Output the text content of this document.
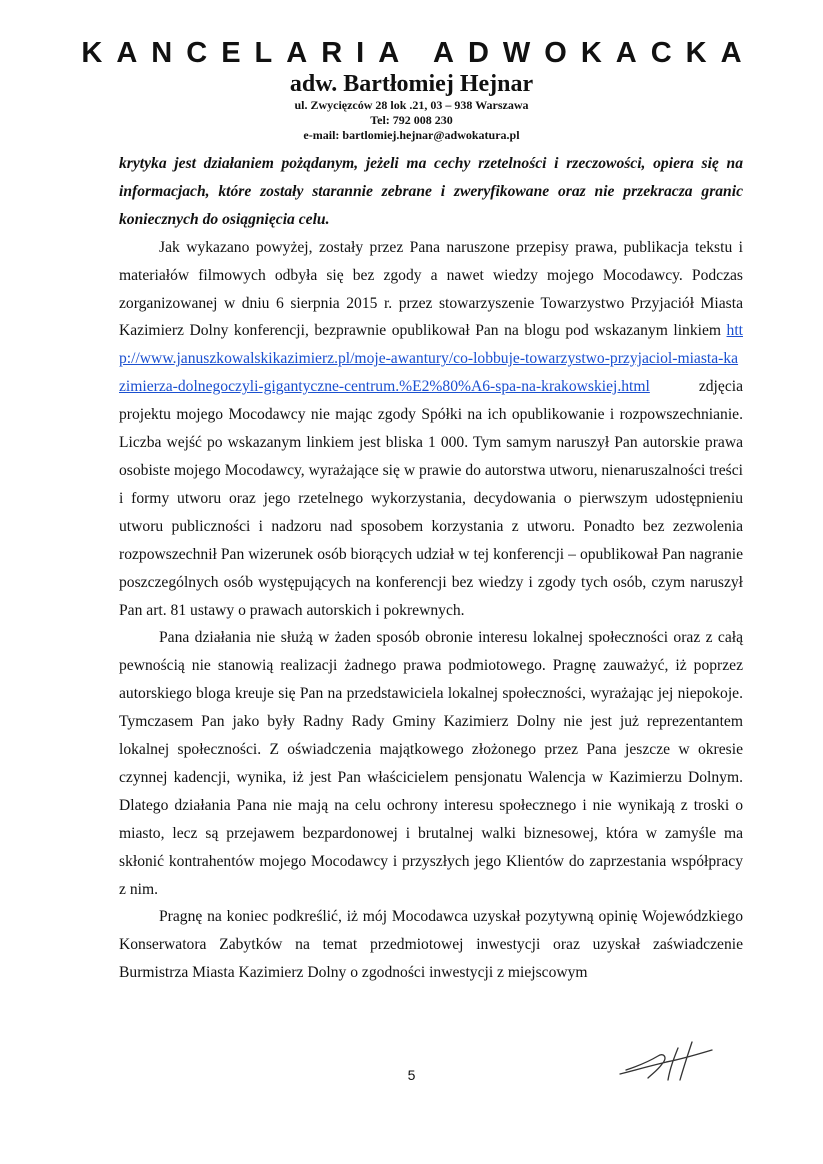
KANCELARIA ADWOKACKA

adw. Bartłomiej Hejnar

ul. Zwycięzców 28 lok .21, 03 – 938 Warszawa

Tel: 792 008 230

e-mail: bartlomiej.hejnar@adwokatura.pl

krytyka jest działaniem pożądanym, jeżeli ma cechy rzetelności i rzeczowości, opiera się na informacjach, które zostały starannie zebrane i zweryfikowane oraz nie przekracza granic koniecznych do osiągnięcia celu.

Jak wykazano powyżej, zostały przez Pana naruszone przepisy prawa, publikacja tekstu i materiałów filmowych odbyła się bez zgody a nawet wiedzy mojego Mocodawcy. Podczas zorganizowanej w dniu 6 sierpnia 2015 r. przez stowarzyszenie Towarzystwo Przyjaciół Miasta Kazimierz Dolny konferencji, bezprawnie opublikował Pan na blogu pod wskazanym linkiem http://www.januszkowalskikazimierz.pl/moje-awantury/co-lobbuje-towarzystwo-przyjaciol-miasta-kazimierza-dolnegoczyli-gigantyczne-centrum.%E2%80%A6-spa-na-krakowskiej.html	zdjęcia projektu mojego Mocodawcy nie mając zgody Spółki na ich opublikowanie i rozpowszechnianie. Liczba wejść po wskazanym linkiem jest bliska 1 000. Tym samym naruszył Pan autorskie prawa osobiste mojego Mocodawcy, wyrażające się w prawie do autorstwa utworu, nienaruszalności treści i formy utworu oraz jego rzetelnego wykorzystania, decydowania o pierwszym udostępnieniu utworu publiczności i nadzoru nad sposobem korzystania z utworu. Ponadto bez zezwolenia rozpowszechnił Pan wizerunek osób biorących udział w tej konferencji – opublikował Pan nagranie poszczególnych osób występujących na konferencji bez wiedzy i zgody tych osób, czym naruszył Pan art. 81 ustawy o prawach autorskich i pokrewnych.

Pana działania nie służą w żaden sposób obronie interesu lokalnej społeczności oraz z całą pewnością nie stanowią realizacji żadnego prawa podmiotowego. Pragnę zauważyć, iż poprzez autorskiego bloga kreuje się Pan na przedstawiciela lokalnej społeczności, wyrażając jej niepokoje. Tymczasem Pan jako były Radny Rady Gminy Kazimierz Dolny nie jest już reprezentantem lokalnej społeczności. Z oświadczenia majątkowego złożonego przez Pana jeszcze w okresie czynnej kadencji, wynika, iż jest Pan właścicielem pensjonatu Walencja w Kazimierzu Dolnym. Dlatego działania Pana nie mają na celu ochrony interesu społecznego i nie wynikają z troski o miasto, lecz są przejawem bezpardonowej i brutalnej walki biznesowej, która w zamyśle ma skłonić kontrahentów mojego Mocodawcy i przyszłych jego Klientów do zaprzestania współpracy z nim.

Pragnę na koniec podkreślić, iż mój Mocodawca uzyskał pozytywną opinię Wojewódzkiego Konserwatora Zabytków na temat przedmiotowej inwestycji oraz uzyskał zaświadczenie Burmistrza Miasta Kazimierz Dolny o zgodności inwestycji z miejscowym

5
